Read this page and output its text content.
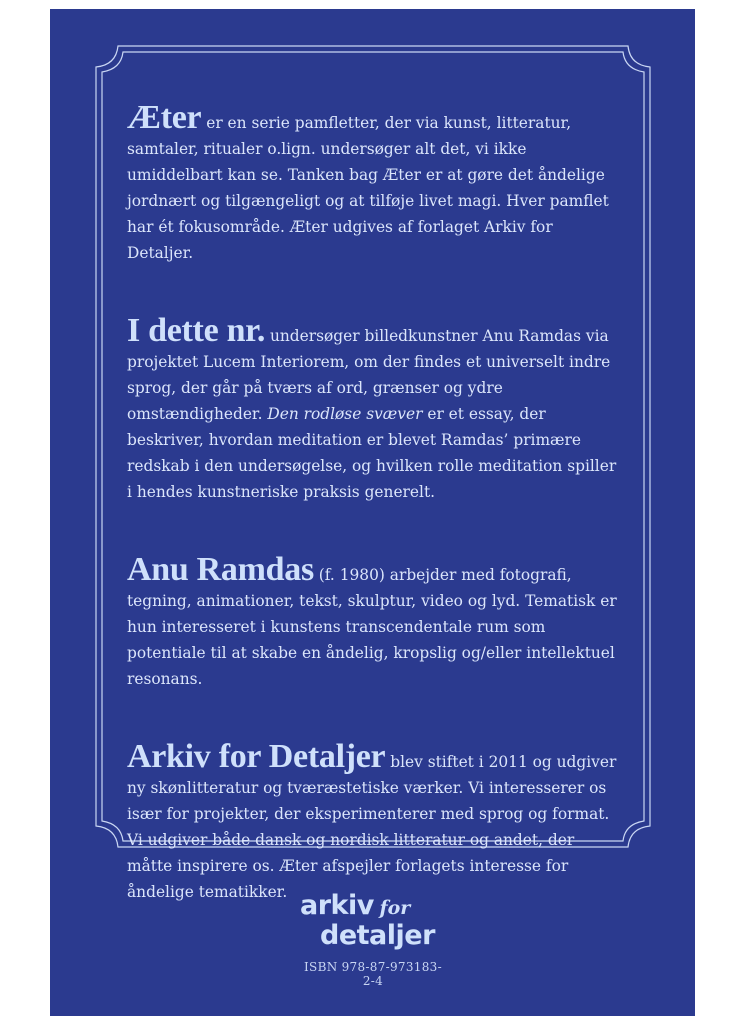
Æter er en serie pamfletter, der via kunst, litteratur, samtaler, ritualer o.lign. undersøger alt det, vi ikke umiddelbart kan se. Tanken bag Æter er at gøre det åndelige jordnært og tilgængeligt og at tilføje livet magi. Hver pamflet har ét fokusområde. Æter udgives af forlaget Arkiv for Detaljer.

I dette nr. undersøger billedkunstner Anu Ramdas via projektet Lucem Interiorem, om der findes et universelt indre sprog, der går på tværs af ord, grænser og ydre omstændigheder. Den rodløse svæver er et essay, der beskriver, hvordan meditation er blevet Ramdas’ primære redskab i den undersøgelse, og hvilken rolle meditation spiller i hendes kunstneriske praksis generelt.

Anu Ramdas (f. 1980) arbejder med fotografi, tegning, animationer, tekst, skulptur, video og lyd. Tematisk er hun interesseret i kunstens transcendentale rum som potentiale til at skabe en åndelig, kropslig og/eller intellektuel resonans.

Arkiv for Detaljer blev stiftet i 2011 og udgiver ny skønlitteratur og tværæstetiske værker. Vi interesserer os især for projekter, der eksperimenterer med sprog og format. Vi udgiver både dansk og nordisk litteratur og andet, der måtte inspirere os. Æter afspejler forlagets interesse for åndelige tematikker. arkiv for
detaljer
ISBN 978-87-973183-2-4
